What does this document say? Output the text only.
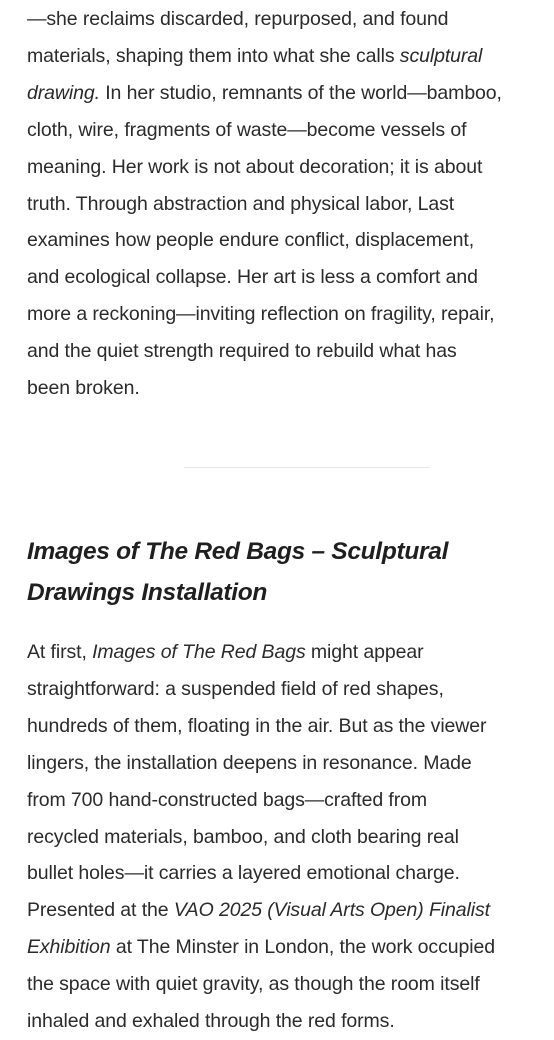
—she reclaims discarded, repurposed, and found
materials, shaping them into what she calls sculptural
drawing. In her studio, remnants of the world—bamboo,
cloth, wire, fragments of waste—become vessels of
meaning. Her work is not about decoration; it is about
truth. Through abstraction and physical labor, Last
examines how people endure conflict, displacement,
and ecological collapse. Her art is less a comfort and
more a reckoning—inviting reflection on fragility, repair,
and the quiet strength required to rebuild what has
been broken.
Images of The Red Bags – Sculptural
Drawings Installation
At first, Images of The Red Bags might appear
straightforward: a suspended field of red shapes,
hundreds of them, floating in the air. But as the viewer
lingers, the installation deepens in resonance. Made
from 700 hand-constructed bags—crafted from
recycled materials, bamboo, and cloth bearing real
bullet holes—it carries a layered emotional charge.
Presented at the VAO 2025 (Visual Arts Open) Finalist
Exhibition at The Minster in London, the work occupied
the space with quiet gravity, as though the room itself
inhaled and exhaled through the red forms.
